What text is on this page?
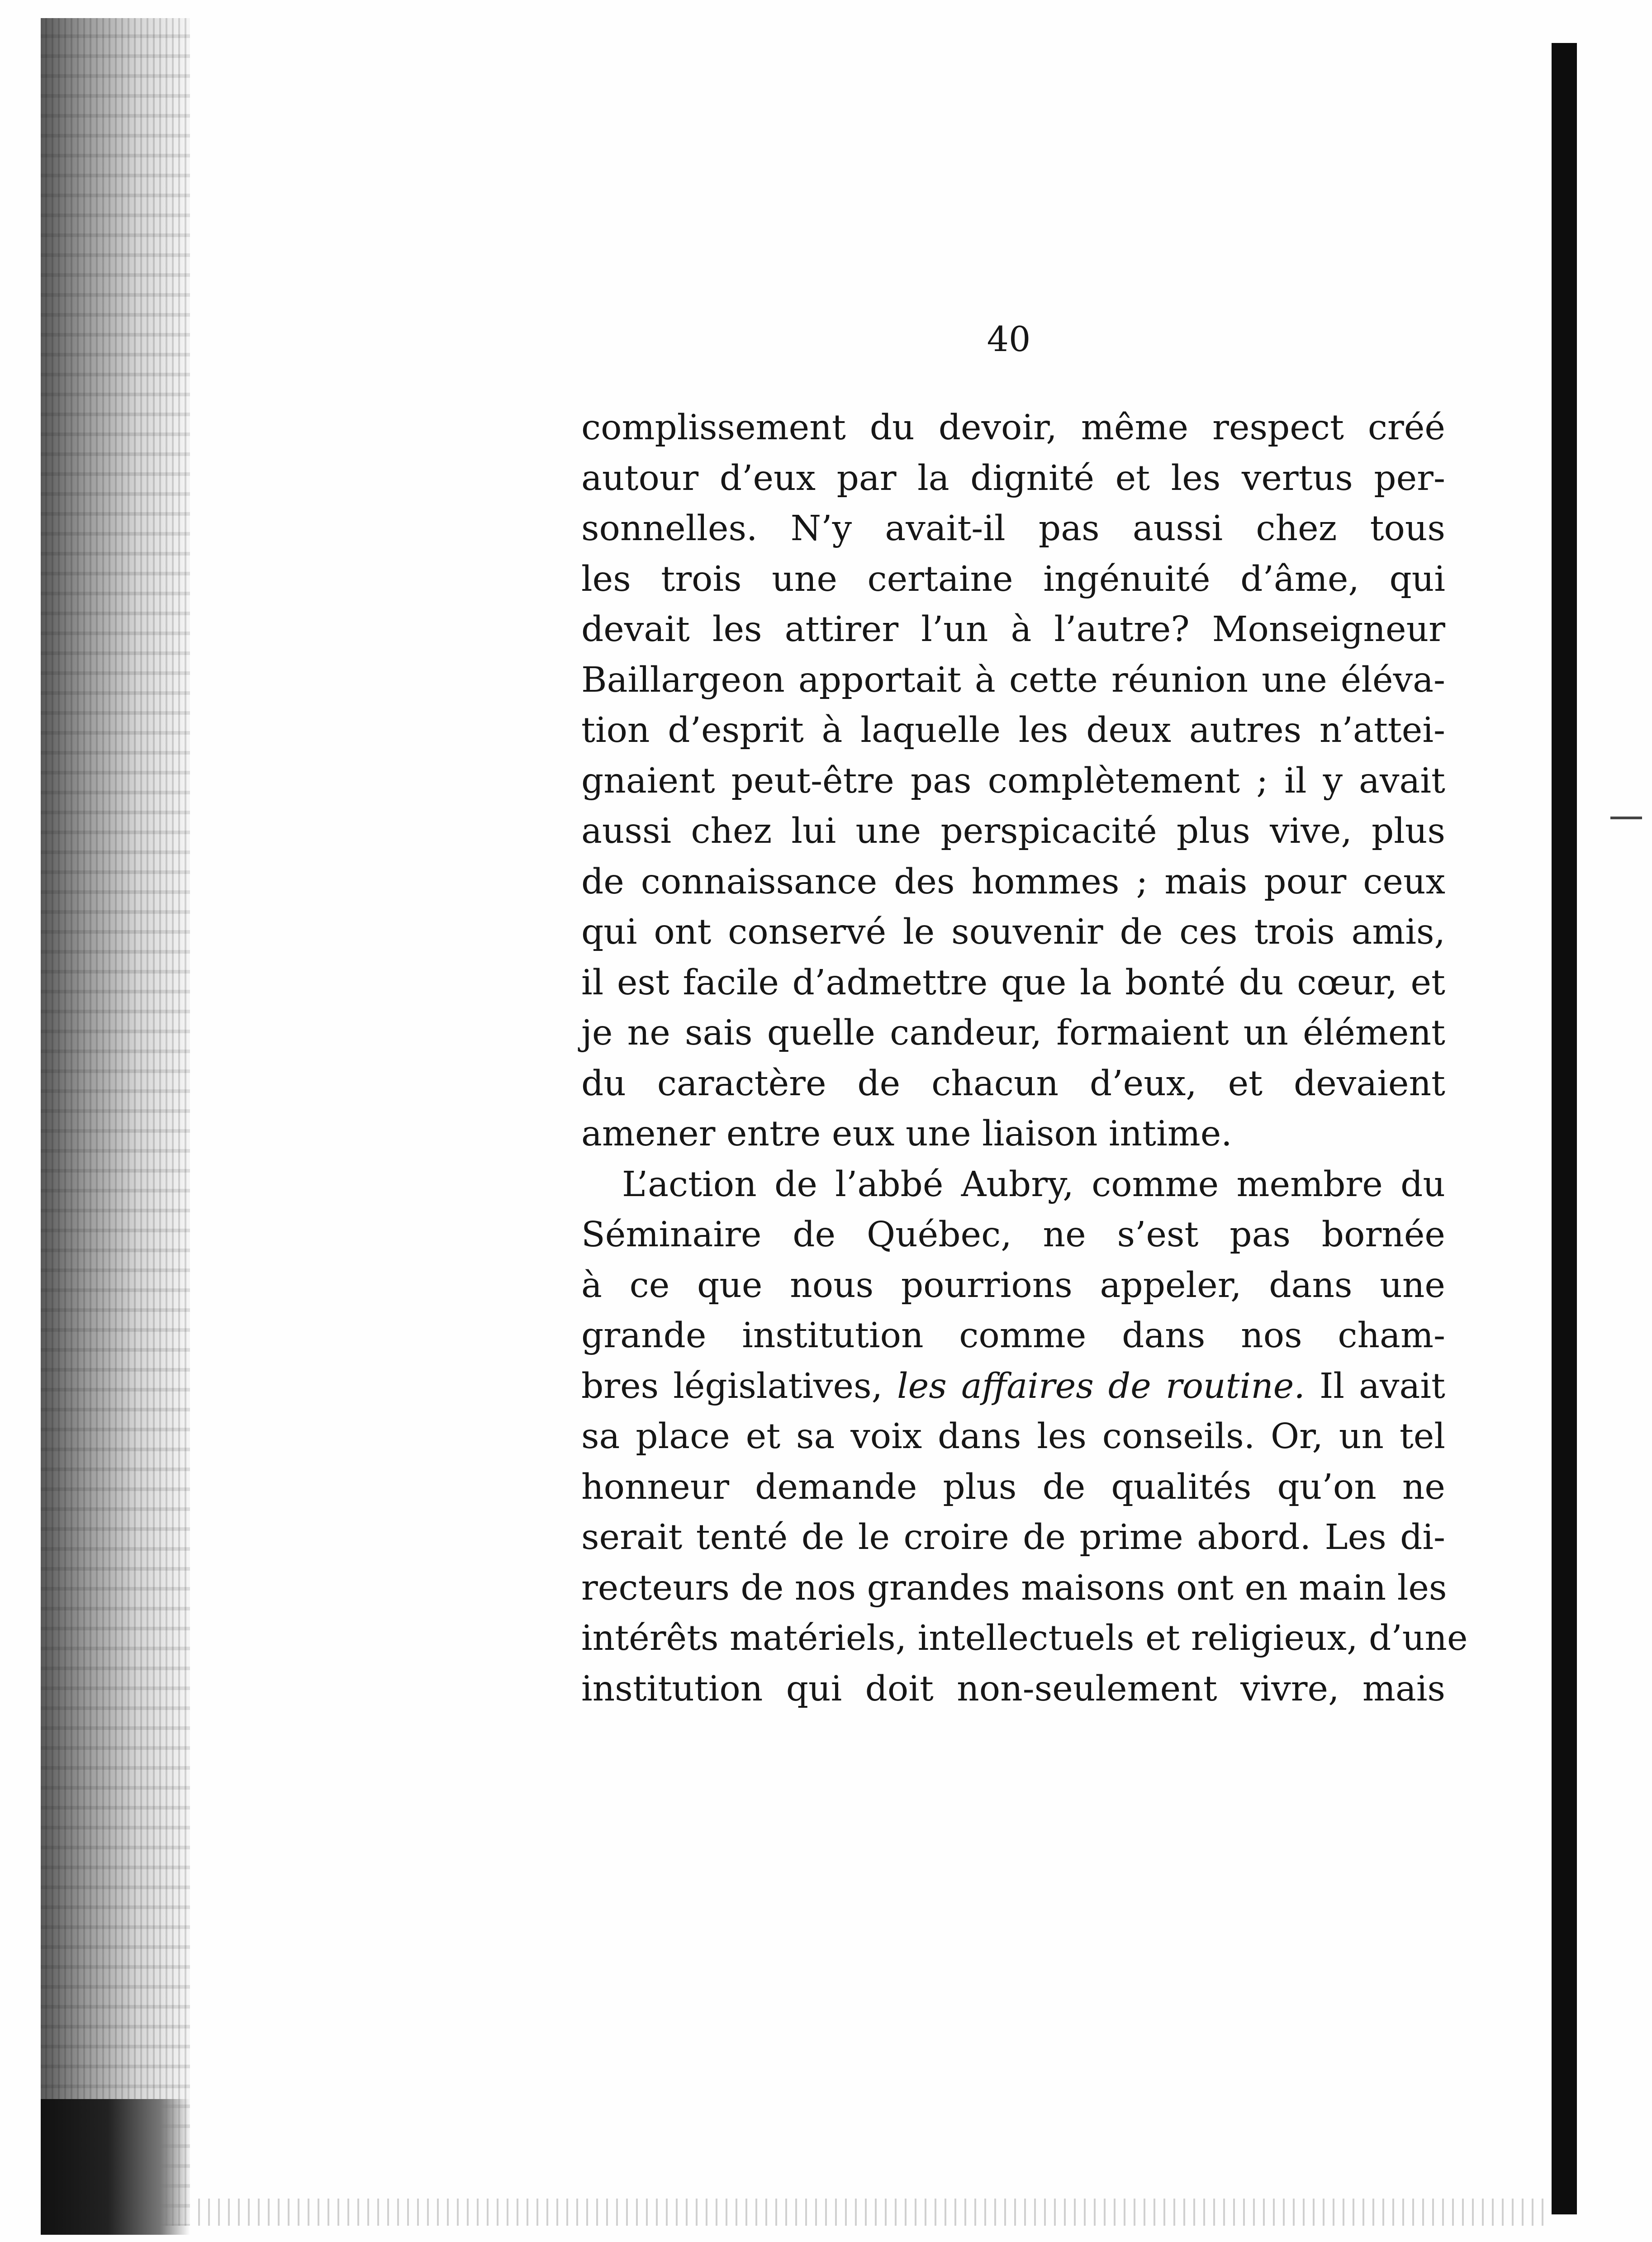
40
complissement du devoir, même respect créé
autour d’eux par la dignité et les vertus per-
sonnelles. N’y avait-il pas aussi chez tous
les trois une certaine ingénuité d’âme, qui
devait les attirer l’un à l’autre? Monseigneur
Baillargeon apportait à cette réunion une éléva-
tion d’esprit à laquelle les deux autres n’attei-
gnaient peut-être pas complètement ; il y avait
aussi chez lui une perspicacité plus vive, plus
de connaissance des hommes ; mais pour ceux
qui ont conservé le souvenir de ces trois amis,
il est facile d’admettre que la bonté du cœur, et
je ne sais quelle candeur, formaient un élément
du caractère de chacun d’eux, et devaient
amener entre eux une liaison intime.
L’action de l’abbé Aubry, comme membre du
Séminaire de Québec, ne s’est pas bornée
à ce que nous pourrions appeler, dans une
grande institution comme dans nos cham-
bres législatives, les affaires de routine. Il avait
sa place et sa voix dans les conseils. Or, un tel
honneur demande plus de qualités qu’on ne
serait tenté de le croire de prime abord. Les di-
recteurs de nos grandes maisons ont en main les
intérêts matériels, intellectuels et religieux, d’une
institution qui doit non-seulement vivre, mais
